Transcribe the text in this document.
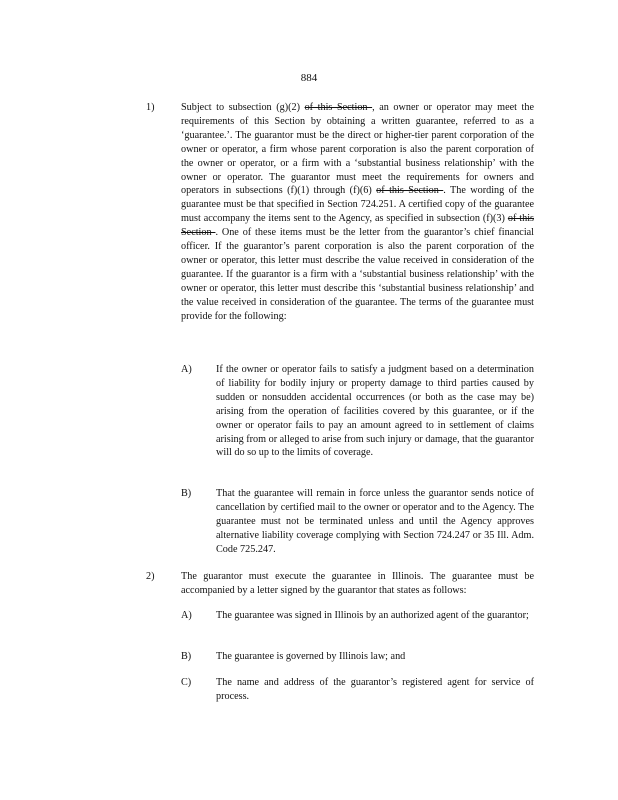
884
1)	Subject to subsection (g)(2) of this Section , an owner or operator may meet the requirements of this Section by obtaining a written guarantee, referred to as a ‘guarantee.’. The guarantor must be the direct or higher-tier parent corporation of the owner or operator, a firm whose parent corporation is also the parent corporation of the owner or operator, or a firm with a ‘substantial business relationship’ with the owner or operator. The guarantor must meet the requirements for owners and operators in subsections (f)(1) through (f)(6) of this Section . The wording of the guarantee must be that specified in Section 724.251. A certified copy of the guarantee must accompany the items sent to the Agency, as specified in subsection (f)(3) of this Section . One of these items must be the letter from the guarantor’s chief financial officer. If the guarantor’s parent corporation is also the parent corporation of the owner or operator, this letter must describe the value received in consideration of the guarantee. If the guarantor is a firm with a ‘substantial business relationship’ with the owner or operator, this letter must describe this ‘substantial business relationship’ and the value received in consideration of the guarantee. The terms of the guarantee must provide for the following:

A) If the owner or operator fails to satisfy a judgment based on a determination of liability for bodily injury or property damage to third parties caused by sudden or nonsudden accidental occurrences (or both as the case may be) arising from the operation of facilities covered by this guarantee, or if the owner or operator fails to pay an amount agreed to in settlement of claims arising from or alleged to arise from such injury or damage, that the guarantor will do so up to the limits of coverage.
B) That the guarantee will remain in force unless the guarantor sends notice of cancellation by certified mail to the owner or operator and to the Agency. The guarantee must not be terminated unless and until the Agency approves alternative liability coverage complying with Section 724.247 or 35 Ill. Adm. Code 725.247.
2)	The guarantor must execute the guarantee in Illinois. The guarantee must be accompanied by a letter signed by the guarantor that states as follows:
A) The guarantee was signed in Illinois by an authorized agent of the guarantor;
B) The guarantee is governed by Illinois law; and
C) The name and address of the guarantor’s registered agent for service of process.
